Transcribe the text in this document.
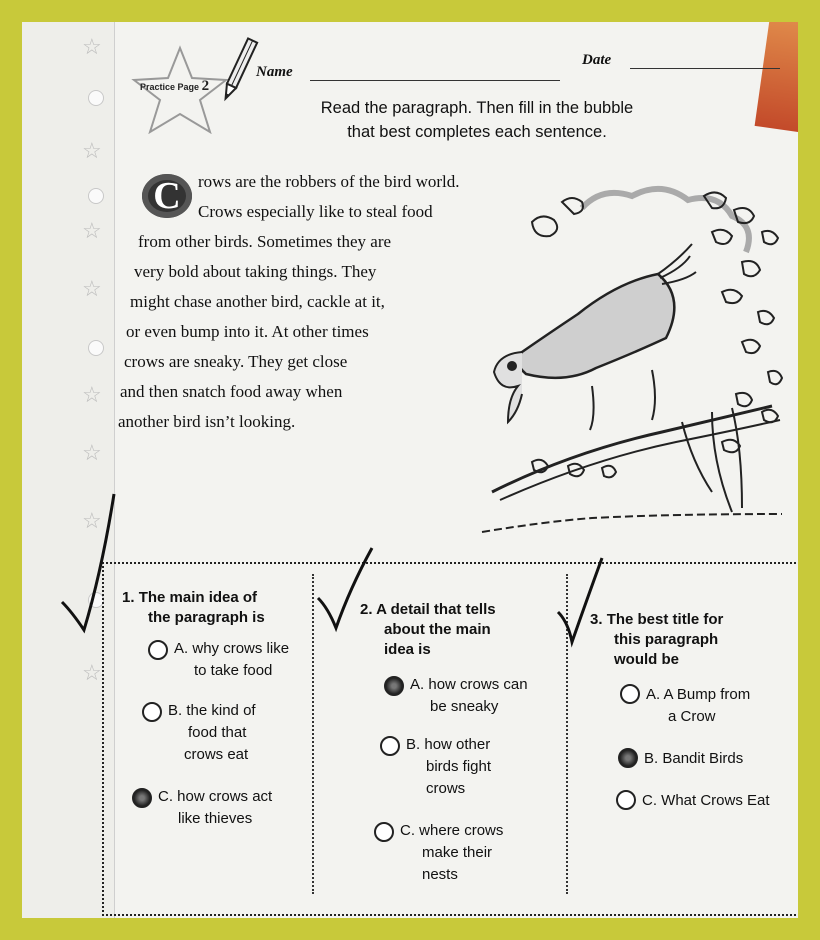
☆
☆
☆
☆
☆
☆
☆
☆
Practice Page 2
Name
Date
Read the paragraph. Then fill in the bubble
that best completes each sentence.
C	rows are the robbers of the bird world.
Crows especially like to steal food
from other birds. Sometimes they are
very bold about taking things. They
might chase another bird, cackle at it,
or even bump into it. At other times
crows are sneaky. They get close
and then snatch food away when
another bird isn’t looking.
1. The main idea of
the paragraph is
A. why crows like
to take food
B. the kind of
food that
crows eat
C. how crows act
like thieves
2. A detail that tells
about the main
idea is
A. how crows can
be sneaky
B. how other
birds fight
crows
C. where crows
make their
nests
3. The best title for
this paragraph
would be
A. A Bump from
a Crow
B. Bandit Birds
C. What Crows Eat
